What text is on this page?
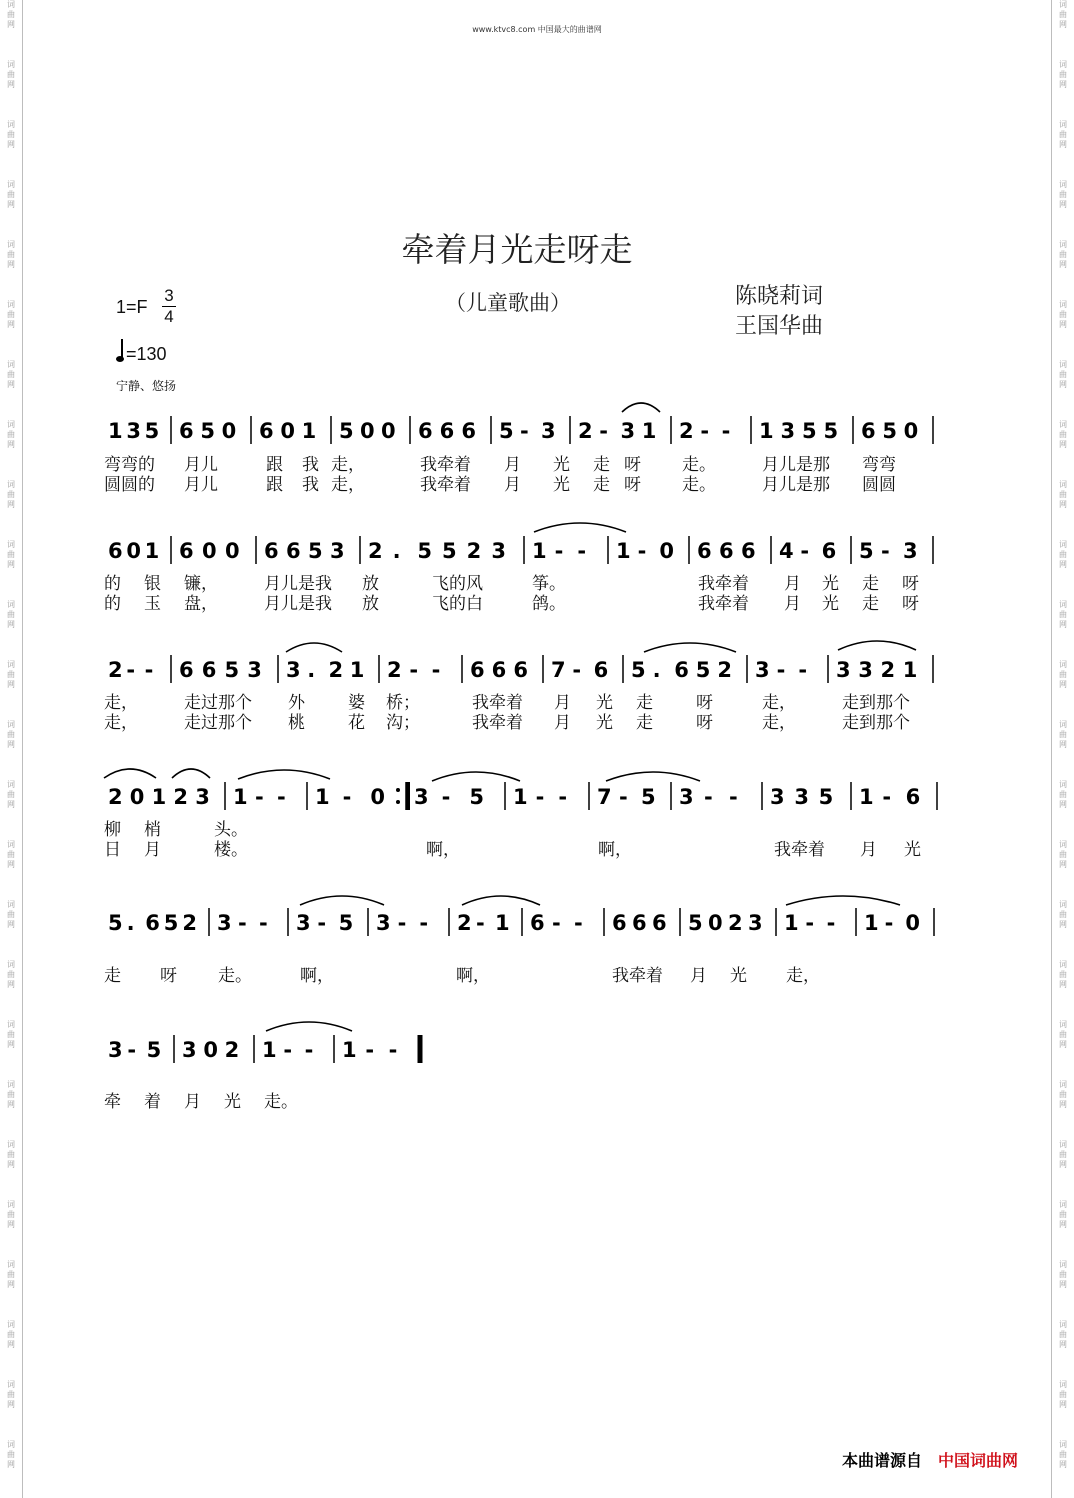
词
曲
网
词
曲
网
词
曲
网
词
曲
网
词
曲
网
词
曲
网
词
曲
网
词
曲
网
词
曲
网
词
曲
网
词
曲
网
词
曲
网
词
曲
网
词
曲
网
词
曲
网
词
曲
网
词
曲
网
词
曲
网
词
曲
网
词
曲
网
词
曲
网
词
曲
网
词
曲
网
词
曲
网
词
曲
网
词
曲
网
词
曲
网
词
曲
网
词
曲
网
词
曲
网
词
曲
网
词
曲
网
词
曲
网
词
曲
网
词
曲
网
词
曲
网
词
曲
网
词
曲
网
词
曲
网
词
曲
网
词
曲
网
词
曲
网
词
曲
网
词
曲
网
词
曲
网
词
曲
网
词
曲
网
词
曲
网
词
曲
网
词
曲
网
www.ktvc8.com 中国最大的曲谱网
牵着月光走呀走
（儿童歌曲）	陈晓莉词
王国华曲
1=F
3
4
=130
宁静、悠扬
1 3 5 6 5 0 6 0 1 5 0 0 6 6 6 5 - 3 2 - 3 1 2 - - 1 3 5 5 6 5 0
弯弯的 月儿	跟 我 走，	我牵着 月 光 走 呀 走。	月儿是那 弯弯
圆圆的 月儿	跟 我 走，	我牵着 月 光 走 呀 走。	月儿是那 圆圆
6 0 1 6 0 0 6 6 5 3 2 . 5 5 2 3 1 - - 1 - 0 6 6 6 4 - 6 5 - 3
的 银 镰，	月儿是我 放	飞的风	筝。	我牵着 月 光 走 呀
的 玉 盘，	月儿是我 放	飞的白	鸽。	我牵着 月 光 走 呀
2 - - 6 6 5 3 3 . 2 1 2 - - 6 6 6 7 - 6 5 . 6 5 2 3 - - 3 3 2 1
走，	走过那个 外	婆 桥；	我牵着 月 光 走	呀	走，	走到那个
走，	走过那个 桃	花 沟；	我牵着 月 光 走	呀	走，	走到那个
2 0 1 2 3 1 - - 1 - 0 3 - 5 1 - - 7 - 5 3 - - 3 3 5 1 - 6
柳 梢	头。
日 月	楼。	啊，	啊，	我牵着 月 光
5 . 6 5 2 3 - - 3 - 5 3 - - 2 - 1 6 - - 6 6 6 5 0 2 3 1 - - 1 - 0
走 呀 走。	啊，	啊，	我牵着 月 光 走，
3 - 5 3 0 2 1 - - 1 - -
牵 着 月 光 走。
本曲谱源自 中国词曲网
